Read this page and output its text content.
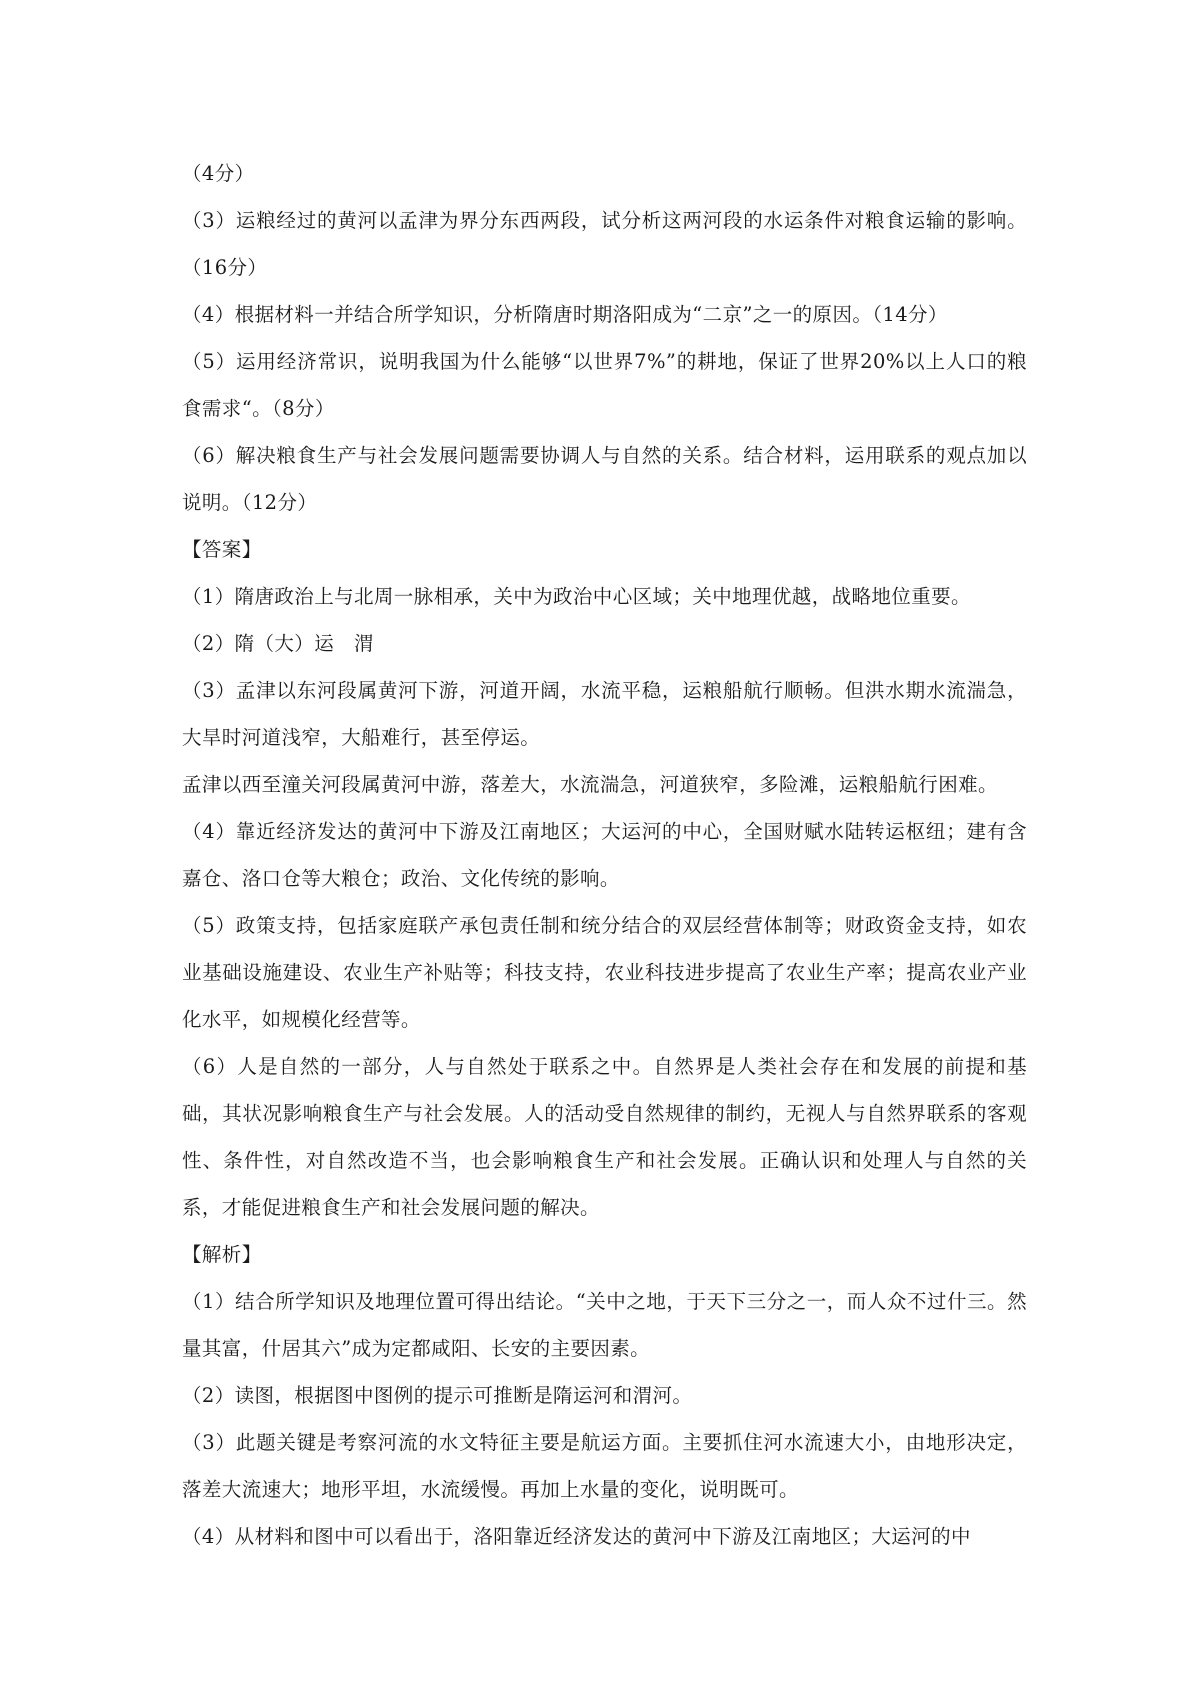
（4分）

（3）运粮经过的黄河以孟津为界分东西两段，试分析这两河段的水运条件对粮食运输的影响。（16分）

（4）根据材料一并结合所学知识，分析隋唐时期洛阳成为“二京”之一的原因。（14分）

（5）运用经济常识，说明我国为什么能够“以世界7%”的耕地，保证了世界20%以上人口的粮食需求“。（8分）

（6）解决粮食生产与社会发展问题需要协调人与自然的关系。结合材料，运用联系的观点加以说明。（12分）

【答案】

（1）隋唐政治上与北周一脉相承，关中为政治中心区域；关中地理优越，战略地位重要。

（2）隋（大）运　渭

（3）孟津以东河段属黄河下游，河道开阔，水流平稳，运粮船航行顺畅。但洪水期水流湍急，大旱时河道浅窄，大船难行，甚至停运。

孟津以西至潼关河段属黄河中游，落差大，水流湍急，河道狭窄，多险滩，运粮船航行困难。

（4）靠近经济发达的黄河中下游及江南地区；大运河的中心，全国财赋水陆转运枢纽；建有含嘉仓、洛口仓等大粮仓；政治、文化传统的影响。

（5）政策支持，包括家庭联产承包责任制和统分结合的双层经营体制等；财政资金支持，如农业基础设施建设、农业生产补贴等；科技支持，农业科技进步提高了农业生产率；提高农业产业化水平，如规模化经营等。

（6）人是自然的一部分，人与自然处于联系之中。自然界是人类社会存在和发展的前提和基础，其状况影响粮食生产与社会发展。人的活动受自然规律的制约，无视人与自然界联系的客观性、条件性，对自然改造不当，也会影响粮食生产和社会发展。正确认识和处理人与自然的关系，才能促进粮食生产和社会发展问题的解决。

【解析】

（1）结合所学知识及地理位置可得出结论。“关中之地，于天下三分之一，而人众不过什三。然量其富，什居其六”成为定都咸阳、长安的主要因素。

（2）读图，根据图中图例的提示可推断是隋运河和渭河。

（3）此题关键是考察河流的水文特征主要是航运方面。主要抓住河水流速大小，由地形决定，落差大流速大；地形平坦，水流缓慢。再加上水量的变化，说明既可。

（4）从材料和图中可以看出于，洛阳靠近经济发达的黄河中下游及江南地区；大运河的中
